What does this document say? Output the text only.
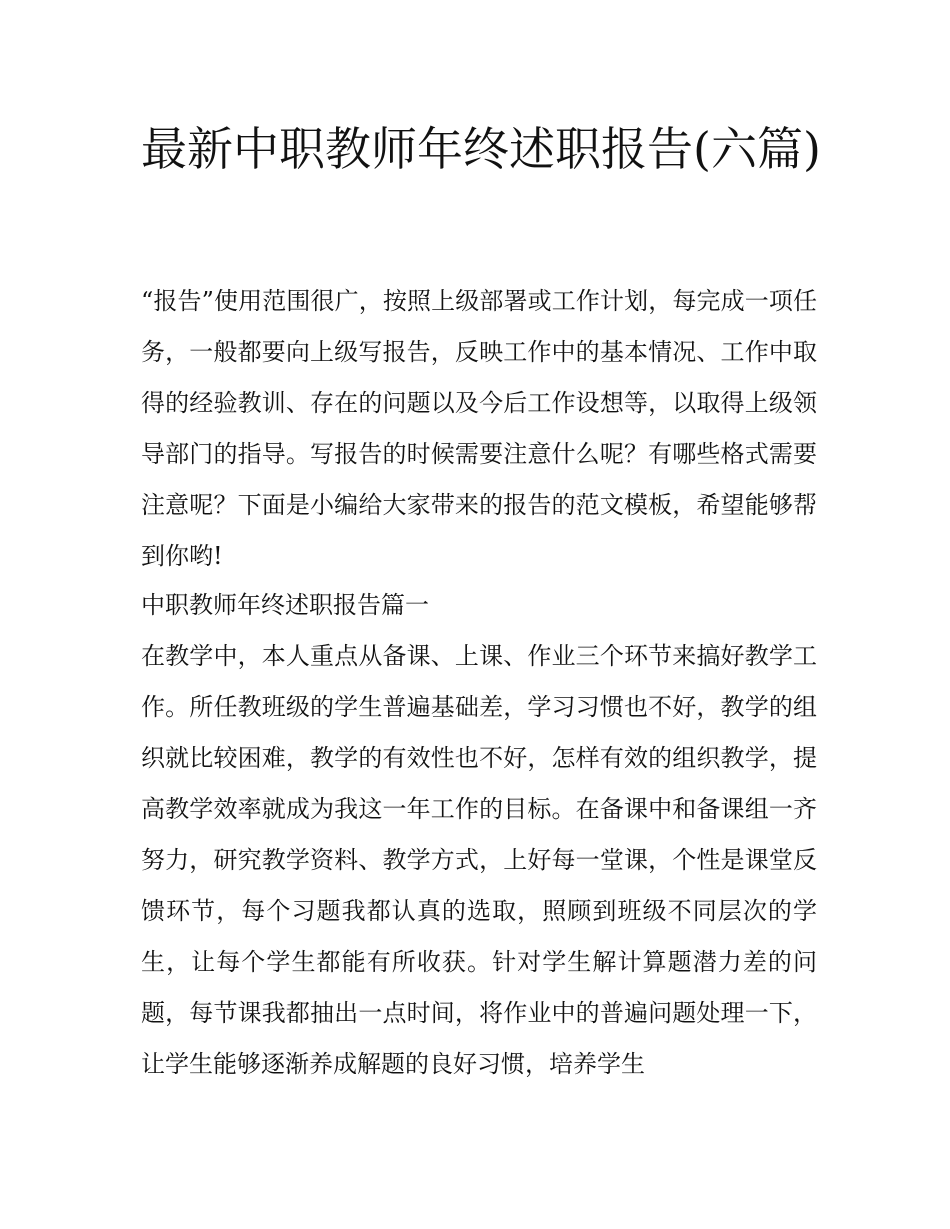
最新中职教师年终述职报告(六篇)

“报告”使用范围很广，按照上级部署或工作计划，每完成一项任务，一般都要向上级写报告，反映工作中的基本情况、工作中取得的经验教训、存在的问题以及今后工作设想等，以取得上级领导部门的指导。写报告的时候需要注意什么呢？有哪些格式需要注意呢？下面是小编给大家带来的报告的范文模板，希望能够帮到你哟!

中职教师年终述职报告篇一

在教学中，本人重点从备课、上课、作业三个环节来搞好教学工作。所任教班级的学生普遍基础差，学习习惯也不好，教学的组织就比较困难，教学的有效性也不好，怎样有效的组织教学，提高教学效率就成为我这一年工作的目标。在备课中和备课组一齐努力，研究教学资料、教学方式，上好每一堂课，个性是课堂反馈环节，每个习题我都认真的选取，照顾到班级不同层次的学生，让每个学生都能有所收获。针对学生解计算题潜力差的问题，每节课我都抽出一点时间，将作业中的普遍问题处理一下，让学生能够逐渐养成解题的良好习惯，培养学生
